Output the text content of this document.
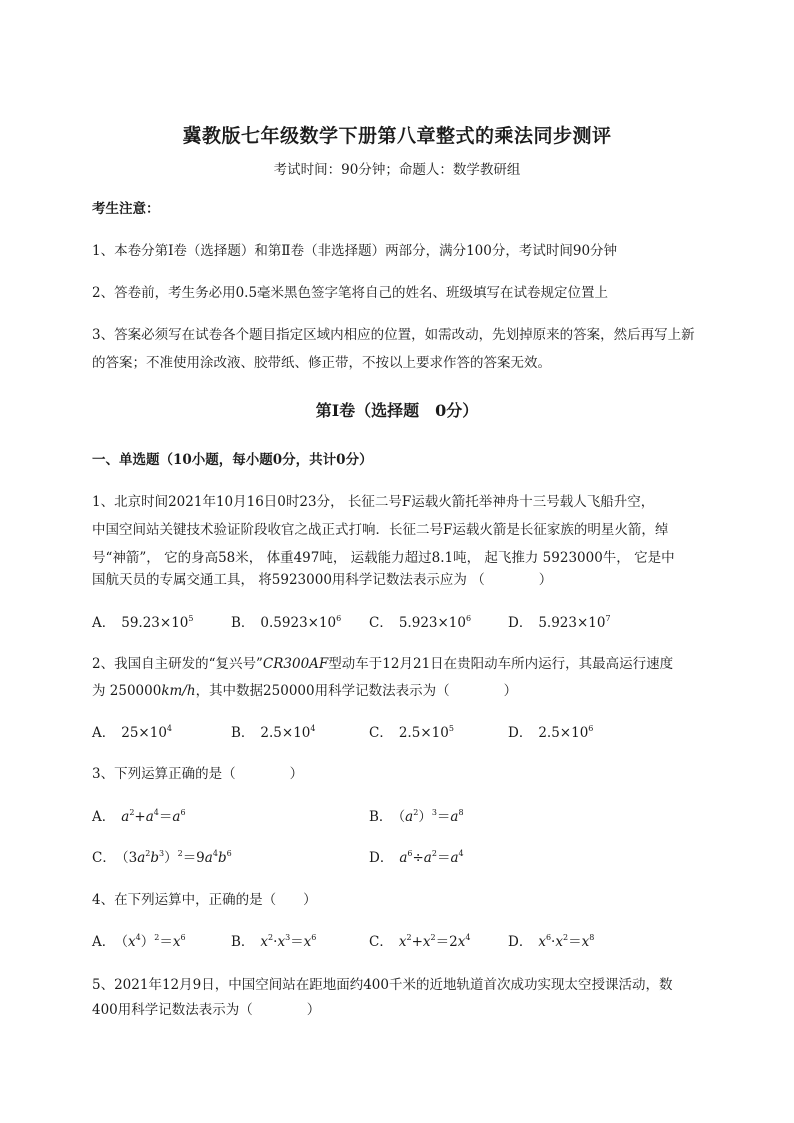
冀教版七年级数学下册第八章整式的乘法同步测评
考试时间：90分钟；命题人：数学教研组
考生注意：
1、本卷分第I卷（选择题）和第Ⅱ卷（非选择题）两部分，满分100分，考试时间90分钟
2、答卷前，考生务必用0.5毫米黑色签字笔将自己的姓名、班级填写在试卷规定位置上
3、答案必须写在试卷各个题目指定区域内相应的位置，如需改动，先划掉原来的答案，然后再写上新
的答案；不准使用涂改液、胶带纸、修正带，不按以上要求作答的答案无效。
第I卷（选择题　0分）
一、单选题（10小题，每小题0分，共计0分）
1、北京时间2021年10月16日0时23分， 长征二号F运载火箭托举神舟十三号载人飞船升空，
中国空间站关键技术验证阶段收官之战正式打响．长征二号F运载火箭是长征家族的明星火箭，绰
号“神箭”， 它的身高58米， 体重497吨， 运载能力超过8.1吨， 起飞推力 5923000牛， 它是中
国航天员的专属交通工具， 将5923000用科学记数法表示应为 （　　　　）
A． $59.23\times 10^5$	B． $0.5923\times 10^6$ C． $5.923\times 10^6$	D． $5.923\times 10^7$
2、我国自主研发的“复兴号”CR300AF型动车于12月21日在贵阳动车所内运行，其最高运行速度
为 250000km/h，其中数据250000用科学记数法表示为（　　　　）
A． $25\times 10^4$	B． $2.5\times 10^4$	C． $2.5\times 10^5$	D． $2.5\times 10^6$
3、下列运算正确的是（　　　　）
A． $a^2+a^4=a^6$	B． $(a^2)^3=a^8$
C． $(3a^2b^3)^2=9a^4b^6$	D． $a^6\div a^2=a^4$
4、在下列运算中，正确的是（　　）
A． $(x^4)^2=x^6$	B． $x^2\cdot x^3=x^6$	C． $x^2+x^2=2x^4$	D． $x^6\cdot x^2=x^8$
5、2021年12月9日，中国空间站在距地面约400千米的近地轨道首次成功实现太空授课活动，数
400用科学记数法表示为（　　　　）
